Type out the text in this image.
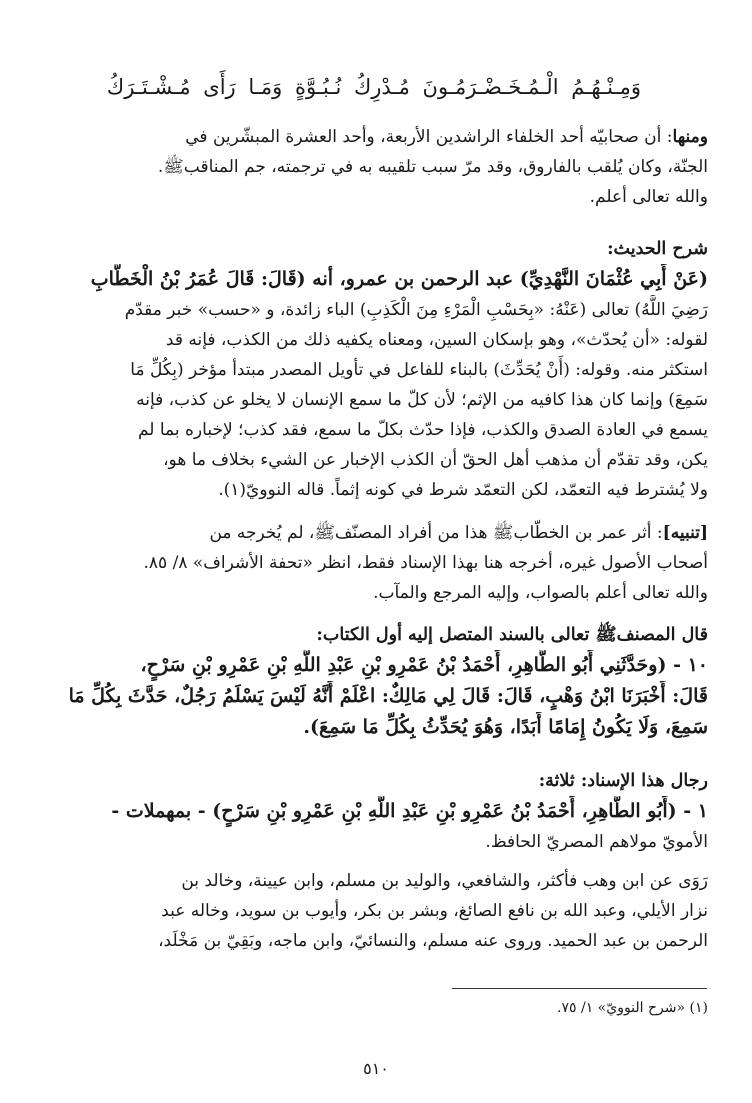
وَمِـنْـهُـمُ الْـمُـخَـضْـرَمُـونَ مُـدْرِكُ نُـبُـوَّةٍ وَمَـا رَأَى مُـشْـتَـرَكُ

ومنها: أن صحابيّه أحد الخلفاء الراشدين الأربعة، وأحد العشرة المبشّرين في

الجنّة، وكان يُلقب بالفاروق، وقد مرّ سبب تلقيبه به في ترجمته، جم المناقبﷺ.

والله تعالى أعلم.

شرح الحديث:

(عَنْ أَبِي عُثْمَانَ النَّهْدِيِّ) عبد الرحمن بن عمرو، أنه (قَالَ: قَالَ عُمَرُ بْنُ الْخَطَّابِ

رَضِيَ اللَّهُ) تعالى (عَنْهُ: «بِحَسْبِ الْمَرْءِ مِنَ الْكَذِبِ) الباء زائدة، و «حسب» خبر مقدّم

لقوله: «أن يُحدّث»، وهو بإسكان السين، ومعناه يكفيه ذلك من الكذب، فإنه قد

استكثر منه. وقوله: (أَنْ يُحَدِّثَ) بالبناء للفاعل في تأويل المصدر مبتدأ مؤخر (بِكُلِّ مَا

سَمِعَ) وإنما كان هذا كافيه من الإثم؛ لأن كلّ ما سمع الإنسان لا يخلو عن كذب، فإنه

يسمع في العادة الصدق والكذب، فإذا حدّث بكلّ ما سمع، فقد كذب؛ لإخباره بما لم

يكن، وقد تقدّم أن مذهب أهل الحقّ أن الكذب الإخبار عن الشيء بخلاف ما هو،

ولا يُشترط فيه التعمّد، لكن التعمّد شرط في كونه إثماً. قاله النوويّ(١).

[تنبيه]: أثر عمر بن الخطّابﷺ هذا من أفراد المصنّفﷺ، لم يُخرجه من

أصحاب الأصول غيره، أخرجه هنا بهذا الإسناد فقط، انظر «تحفة الأشراف» ٨/ ٨٥.

والله تعالى أعلم بالصواب، وإليه المرجع والمآب.

قال المصنفﷺ تعالى بالسند المتصل إليه أول الكتاب:

١٠ - (وحَدَّثَنِي أَبُو الطَّاهِرِ، أَحْمَدُ بْنُ عَمْرِو بْنِ عَبْدِ اللَّهِ بْنِ عَمْرِو بْنِ سَرْحٍ،

قَالَ: أَخْبَرَنَا ابْنُ وَهْبٍ، قَالَ: قَالَ لِي مَالِكٌ: اعْلَمْ أَنَّهُ لَيْسَ يَسْلَمُ رَجُلٌ، حَدَّثَ بِكُلِّ مَا

سَمِعَ، وَلَا يَكُونُ إِمَامًا أَبَدًا، وَهُوَ يُحَدِّثُ بِكُلِّ مَا سَمِعَ).

رجال هذا الإسناد: ثلاثة:

١ - (أَبُو الطَّاهِرِ، أَحْمَدُ بْنُ عَمْرِو بْنِ عَبْدِ اللَّهِ بْنِ عَمْرِو بْنِ سَرْحٍ) - بمهملات -

الأمويّ مولاهم المصريّ الحافظ.

رَوَى عن ابن وهب فأكثر، والشافعي، والوليد بن مسلم، وابن عيينة، وخالد بن

نزار الأيلي، وعبد الله بن نافع الصائغ، وبشر بن بكر، وأيوب بن سويد، وخاله عبد

الرحمن بن عبد الحميد. وروى عنه مسلم، والنسائيّ، وابن ماجه، وبَقِيّ بن مَخْلَد،

(١) «شرح النوويّ» ١/ ٧٥.
٥١٠
